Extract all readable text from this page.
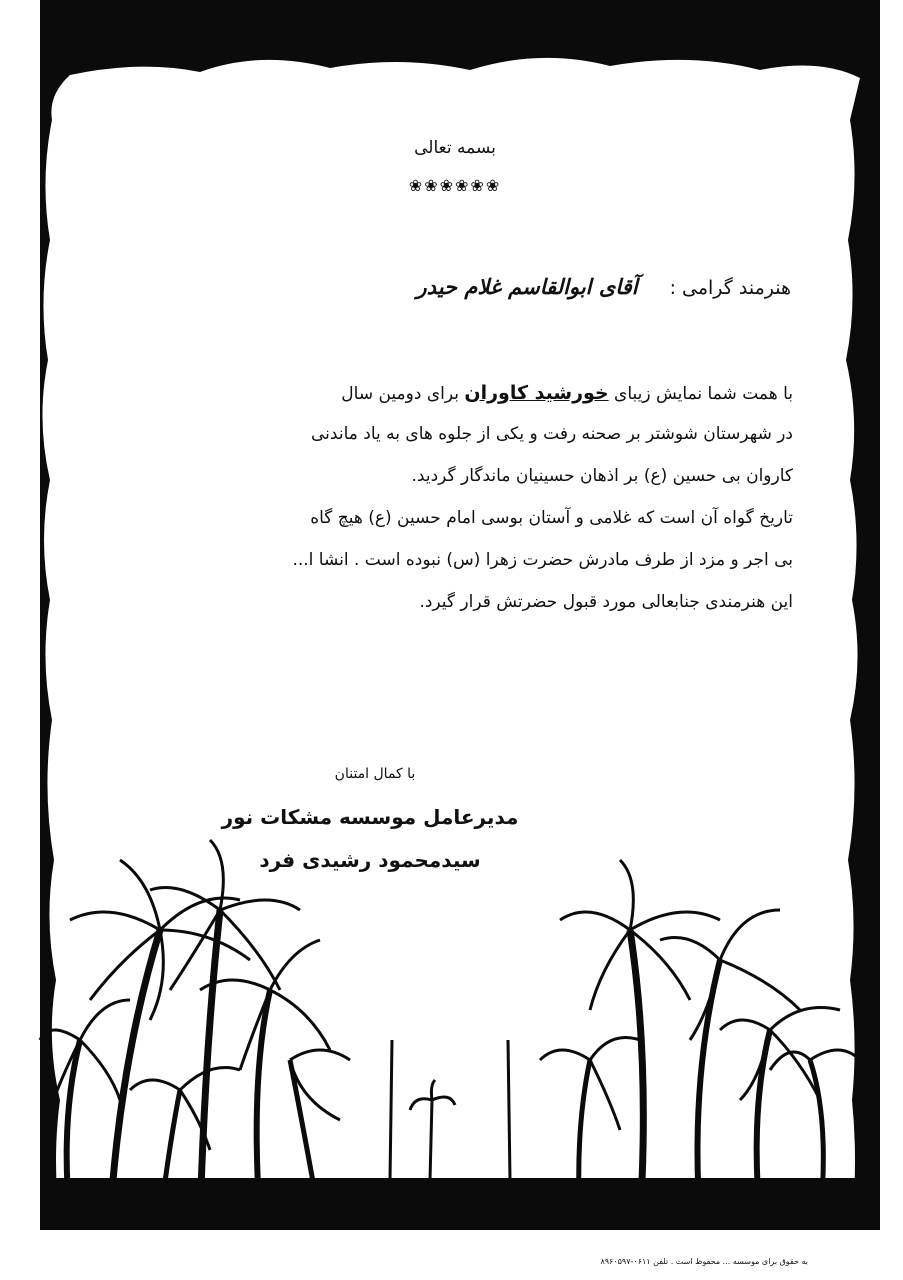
بسمه تعالی
❀❀❀❀❀❀
هنرمند گرامی : آقای ابوالقاسم غلام حیدر
با همت شما نمایش زیبای خورشید کاوران برای دومین سال
در شهرستان شوشتر بر صحنه رفت و یکی از جلوه های به یاد ماندنی
کاروان بی حسین (ع) بر اذهان حسینیان ماندگار گردید.
تاریخ گواه آن است که غلامی و آستان بوسی امام حسین (ع) هیچ گاه
بی اجر و مزد از طرف مادرش حضرت زهرا (س) نبوده است . انشا ا...
این هنرمندی جنابعالی مورد قبول حضرتش قرار گیرد.
با کمال امتنان
مدیرعامل موسسه مشکات نور
سیدمحمود رشیدی فرد
به حقوق برای موسسه ... محفوظ است . تلفن ۰۶۱۱-۸۹۶۰۵۹۷
